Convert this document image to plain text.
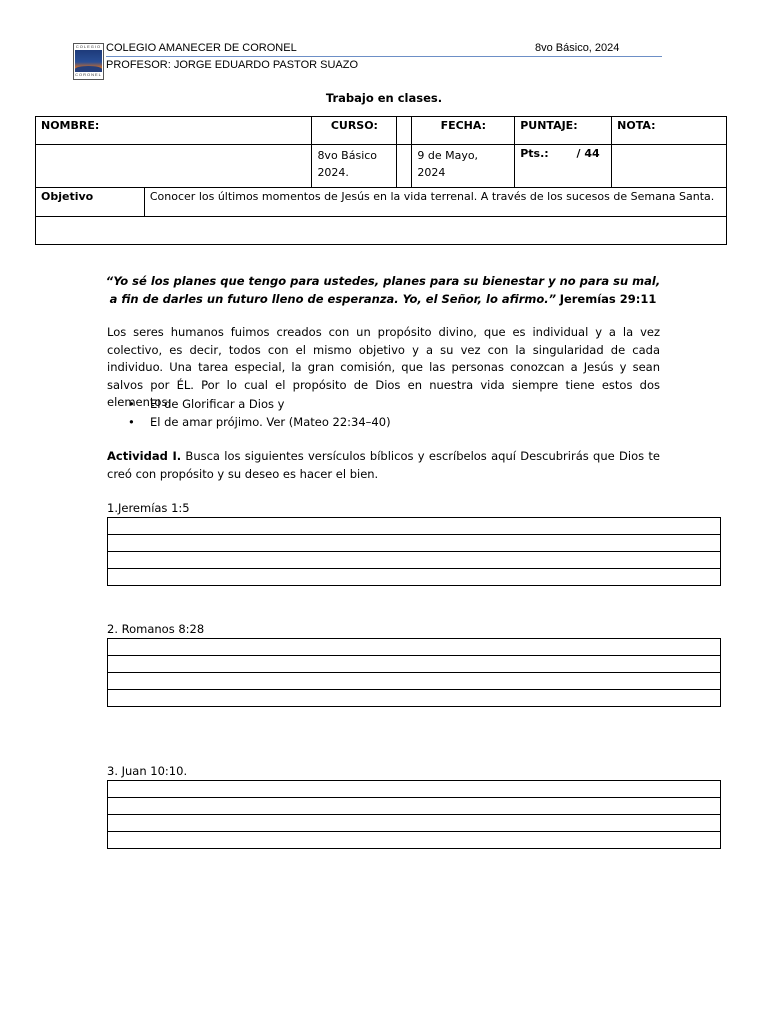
COLEGIO
CORONEL
COLEGIO AMANECER DE CORONEL	8vo Básico, 2024
PROFESOR: JORGE EDUARDO PASTOR SUAZO
Trabajo en clases.
NOMBRE:		CURSO:		FECHA:	PUNTAJE:	NOTA:
		8vo Básico 2024.		9 de Mayo, 2024	Pts.: / 44	
Objetivo	Conocer los últimos momentos de Jesús en la vida terrenal. A través de los sucesos de Semana Santa.					

“Yo sé los planes que tengo para ustedes, planes para su bienestar y no para su mal, a fin de darles un futuro lleno de esperanza. Yo, el Señor, lo afirmo.” Jeremías 29:11
Los seres humanos fuimos creados con un propósito divino, que es individual y a la vez colectivo, es decir, todos con el mismo objetivo y a su vez con la singularidad de cada individuo. Una tarea especial, la gran comisión, que las personas conozcan a Jesús y sean salvos por ÉL. Por lo cual el propósito de Dios en nuestra vida siempre tiene estos dos elementos:
• El de Glorificar a Dios y
• El de amar prójimo. Ver (Mateo 22:34–40)
Actividad I. Busca los siguientes versículos bíblicos y escríbelos aquí Descubrirás que Dios te creó con propósito y su deseo es hacer el bien.
1.Jeremías 1:5

2. Romanos 8:28

3. Juan 10:10.
